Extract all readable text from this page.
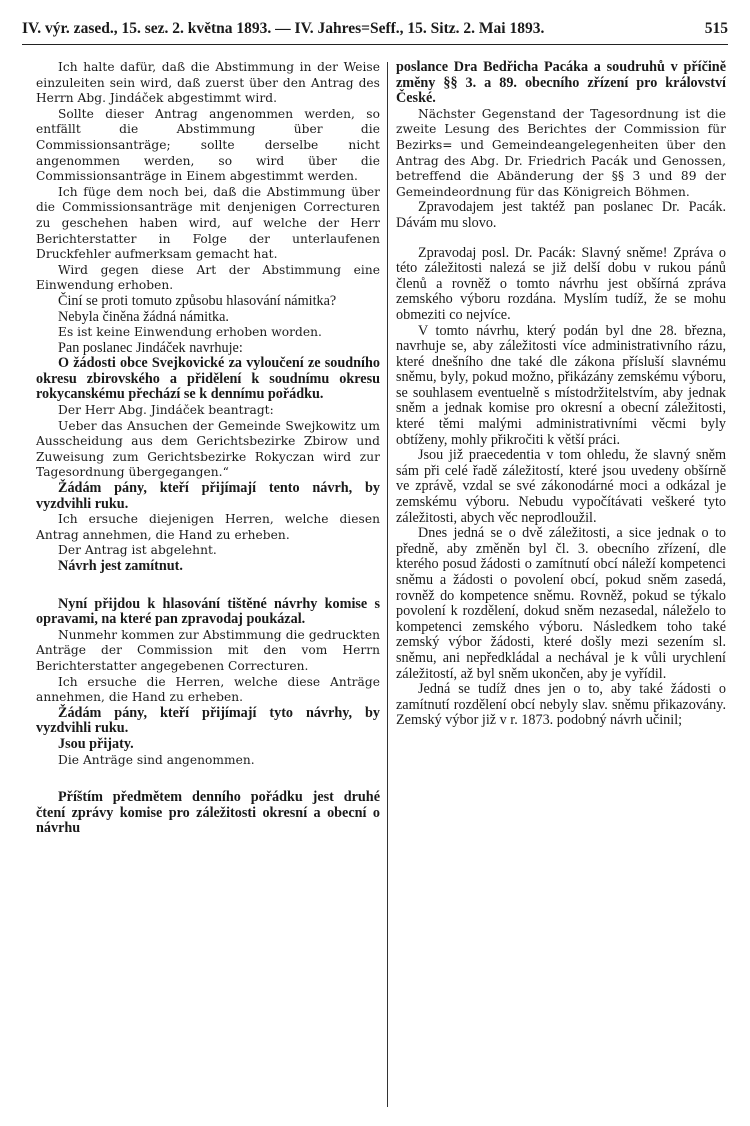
IV. výr. zased., 15. sez. 2. května 1893. — IV. Jahres=Seff., 15. Sitz. 2. Mai 1893.	515

Ich halte dafür, daß die Abstimmung in der Weise einzuleiten sein wird, daß zuerst über den Antrag des Herrn Abg. Jindáček abgestimmt wird.

Sollte dieser Antrag angenommen werden, so entfällt die Abstimmung über die Commissionsanträge; sollte derselbe nicht angenommen werden, so wird über die Commissionsanträge in Einem abgestimmt werden.

Ich füge dem noch bei, daß die Abstimmung über die Commissionsanträge mit denjenigen Correcturen zu geschehen haben wird, auf welche der Herr Berichterstatter in Folge der unterlaufenen Druckfehler aufmerksam gemacht hat.

Wird gegen diese Art der Abstimmung eine Einwendung erhoben.

Činí se proti tomuto způsobu hlasování námitka?

Nebyla činěna žádná námitka.

Es ist keine Einwendung erhoben worden.

Pan poslanec Jindáček navrhuje:

O žádosti obce Svejkovické za vyloučení ze soudního okresu zbirovského a přidělení k soudnímu okresu rokycanskému přechází se k dennímu pořádku.

Der Herr Abg. Jindáček beantragt:

Ueber das Ansuchen der Gemeinde Swejkowitz um Ausscheidung aus dem Gerichtsbezirke Zbirow und Zuweisung zum Gerichtsbezirke Rokyczan wird zur Tagesordnung übergegangen.“

Žádám pány, kteří přijímají tento návrh, by vyzdvihli ruku.

Ich ersuche diejenigen Herren, welche diesen Antrag annehmen, die Hand zu erheben.

Der Antrag ist abgelehnt.

Návrh jest zamítnut.

Nyní přijdou k hlasování tištěné návrhy komise s opravami, na které pan zpravodaj poukázal.

Nunmehr kommen zur Abstimmung die gedruckten Anträge der Commission mit den vom Herrn Berichterstatter angegebenen Correcturen.

Ich ersuche die Herren, welche diese Anträge annehmen, die Hand zu erheben.

Žádám pány, kteří přijímají tyto návrhy, by vyzdvihli ruku.

Jsou přijaty.

Die Anträge sind angenommen.

Příštím předmětem denního pořádku jest druhé čtení zprávy komise pro záležitosti okresní a obecní o návrhu

poslance Dra Bedřicha Pacáka a soudruhů v příčině změny §§ 3. a 89. obecního zřízení pro království České.

Nächster Gegenstand der Tagesordnung ist die zweite Lesung des Berichtes der Commission für Bezirks= und Gemeindeangelegenheiten über den Antrag des Abg. Dr. Friedrich Pacák und Genossen, betreffend die Abänderung der §§ 3 und 89 der Gemeindeordnung für das Königreich Böhmen.

Zpravodajem jest taktéž pan poslanec Dr. Pacák. Dávám mu slovo.

Zpravodaj posl. Dr. Pacák: Slavný sněme! Zpráva o této záležitosti nalezá se již delší dobu v rukou pánů členů a rovněž o tomto návrhu jest obšírná zpráva zemského výboru rozdána. Myslím tudíž, že se mohu obmeziti co nejvíce.

V tomto návrhu, který podán byl dne 28. března, navrhuje se, aby záležitosti více administrativního rázu, které dnešního dne také dle zákona přísluší slavnému sněmu, byly, pokud možno, přikázány zemskému výboru, se souhlasem eventuelně s místodržitelstvím, aby jednak sněm a jednak komise pro okresní a obecní záležitosti, které těmi malými administrativními věcmi byly obtíženy, mohly přikročiti k větší práci.

Jsou již praecedentia v tom ohledu, že slavný sněm sám při celé řadě záležitostí, které jsou uvedeny obšírně ve zprávě, vzdal se své zákonodárné moci a odkázal je zemskému výboru. Nebudu vypočítávati veškeré tyto záležitosti, abych věc neprodloužil.

Dnes jedná se o dvě záležitosti, a sice jednak o to předně, aby změněn byl čl. 3. obecního zřízení, dle kterého posud žádosti o zamítnutí obcí náleží kompetenci sněmu a žádosti o povolení obcí, pokud sněm zasedá, rovněž do kompetence sněmu. Rovněž, pokud se týkalo povolení k rozdělení, dokud sněm nezasedal, náleželo to kompetenci zemského výboru. Následkem toho také zemský výbor žádosti, které došly mezi sezením sl. sněmu, ani nepředkládal a nechával je k vůli urychlení záležitostí, až byl sněm ukončen, aby je vyřídil.

Jedná se tudíž dnes jen o to, aby také žádosti o zamítnutí rozdělení obcí nebyly slav. sněmu přikazovány. Zemský výbor již v r. 1873. podobný návrh učinil;
